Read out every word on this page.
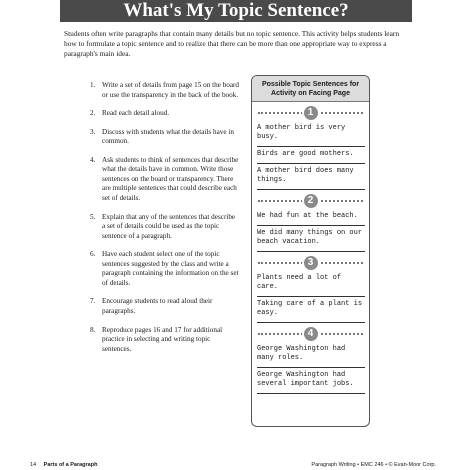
What's My Topic Sentence?

Students often write paragraphs that contain many details but no topic sentence. This activity helps students learn how to formulate a topic sentence and to realize that there can be more than one appropriate way to express a paragraph's main idea.

1. Write a set of details from page 15 on the board or use the transparency in the back of the book.
2. Read each detail aloud.
3. Discuss with students what the details have in common.
4. Ask students to think of sentences that describe what the details have in common. Write those sentences on the board or transparency. There are multiple sentences that could describe each set of details.
5. Explain that any of the sentences that describe a set of details could be used as the topic sentence of a paragraph.
6. Have each student select one of the topic sentences suggested by the class and write a paragraph containing the information on the set of details.
7. Encourage students to read aloud their paragraphs.
8. Reproduce pages 16 and 17 for additional practice in selecting and writing topic sentences.
Possible Topic Sentences for Activity on Facing Page
1
A mother bird is very busy.
Birds are good mothers.
A mother bird does many things.
2
We had fun at the beach.
We did many things on our beach vacation.
3
Plants need a lot of care.
Taking care of a plant is easy.
4
George Washington had many roles.
George Washington had several important jobs.
14 Parts of a Paragraph	Paragraph Writing • EMC 246 • © Evan-Moor Corp.
